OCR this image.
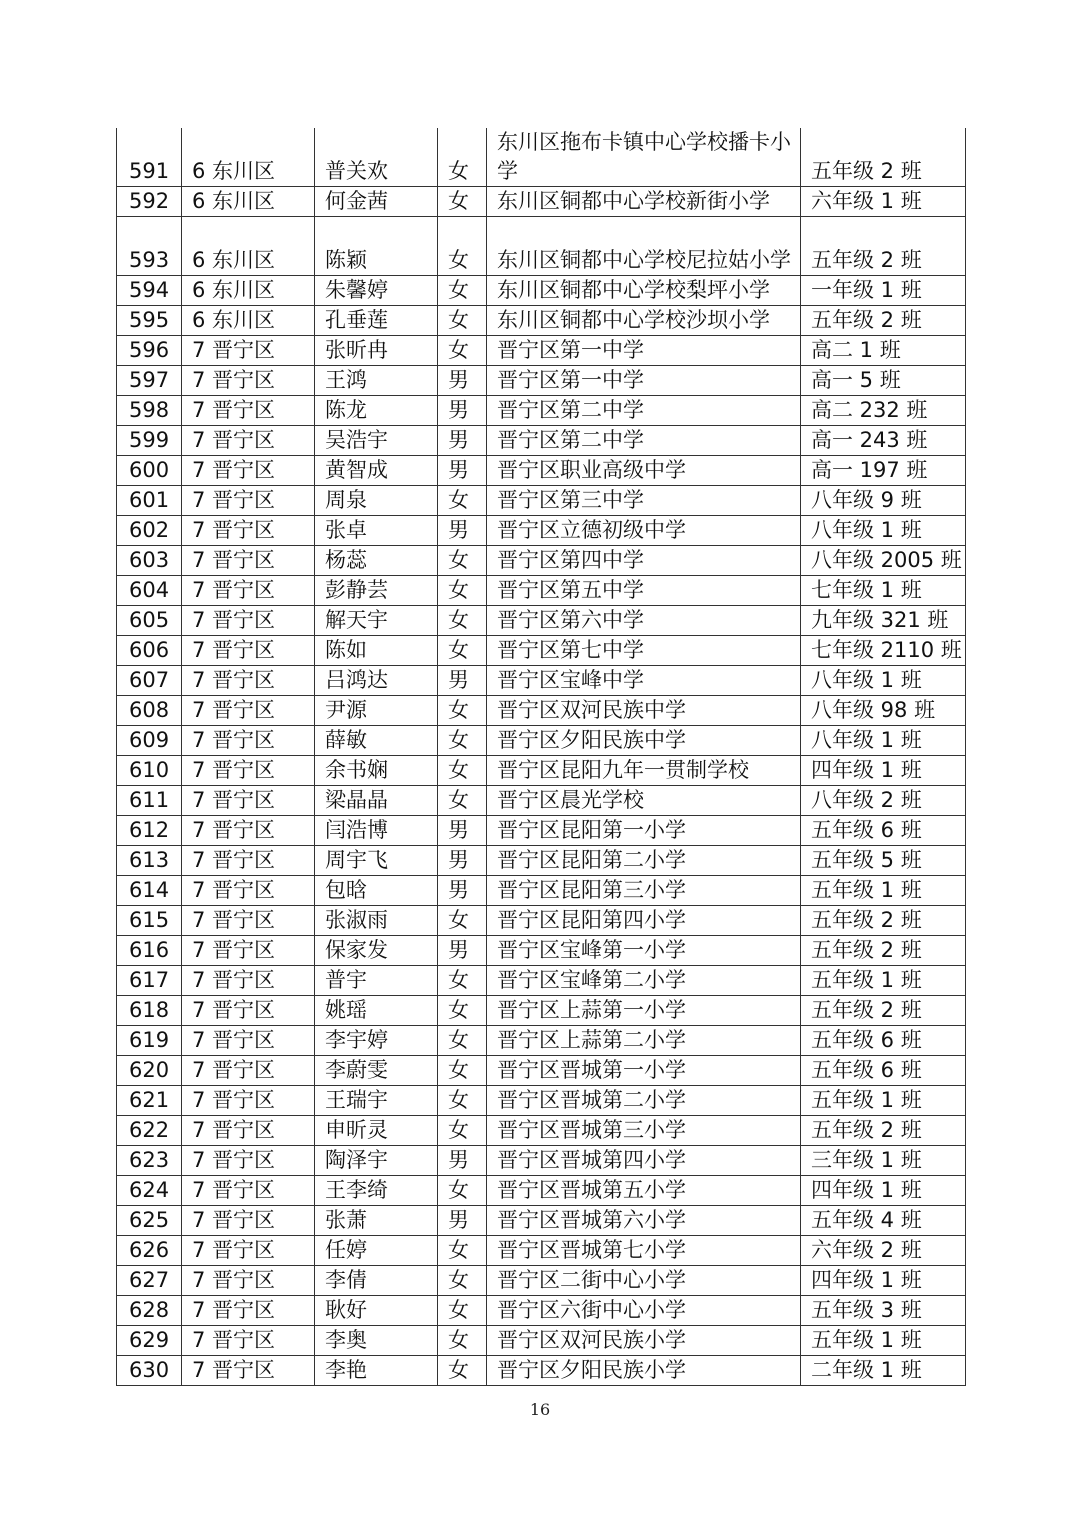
591	6 东川区	普关欢	女	东川区拖布卡镇中心学校播卡小学	五年级 2 班
592	6 东川区	何金茜	女	东川区铜都中心学校新街小学	六年级 1 班
593	6 东川区	陈颖	女	东川区铜都中心学校尼拉姑小学	五年级 2 班
594	6 东川区	朱馨婷	女	东川区铜都中心学校梨坪小学	一年级 1 班
595	6 东川区	孔垂莲	女	东川区铜都中心学校沙坝小学	五年级 2 班
596	7 晋宁区	张昕冉	女	晋宁区第一中学	高二 1 班
597	7 晋宁区	王鸿	男	晋宁区第一中学	高一 5 班
598	7 晋宁区	陈龙	男	晋宁区第二中学	高二 232 班
599	7 晋宁区	吴浩宇	男	晋宁区第二中学	高一 243 班
600	7 晋宁区	黄智成	男	晋宁区职业高级中学	高一 197 班
601	7 晋宁区	周泉	女	晋宁区第三中学	八年级 9 班
602	7 晋宁区	张卓	男	晋宁区立德初级中学	八年级 1 班
603	7 晋宁区	杨蕊	女	晋宁区第四中学	八年级 2005 班
604	7 晋宁区	彭静芸	女	晋宁区第五中学	七年级 1 班
605	7 晋宁区	解天宇	女	晋宁区第六中学	九年级 321 班
606	7 晋宁区	陈如	女	晋宁区第七中学	七年级 2110 班
607	7 晋宁区	吕鸿达	男	晋宁区宝峰中学	八年级 1 班
608	7 晋宁区	尹源	女	晋宁区双河民族中学	八年级 98 班
609	7 晋宁区	薛敏	女	晋宁区夕阳民族中学	八年级 1 班
610	7 晋宁区	余书娴	女	晋宁区昆阳九年一贯制学校	四年级 1 班
611	7 晋宁区	梁晶晶	女	晋宁区晨光学校	八年级 2 班
612	7 晋宁区	闫浩博	男	晋宁区昆阳第一小学	五年级 6 班
613	7 晋宁区	周宇飞	男	晋宁区昆阳第二小学	五年级 5 班
614	7 晋宁区	包晗	男	晋宁区昆阳第三小学	五年级 1 班
615	7 晋宁区	张淑雨	女	晋宁区昆阳第四小学	五年级 2 班
616	7 晋宁区	保家发	男	晋宁区宝峰第一小学	五年级 2 班
617	7 晋宁区	普宇	女	晋宁区宝峰第二小学	五年级 1 班
618	7 晋宁区	姚瑶	女	晋宁区上蒜第一小学	五年级 2 班
619	7 晋宁区	李宇婷	女	晋宁区上蒜第二小学	五年级 6 班
620	7 晋宁区	李蔚雯	女	晋宁区晋城第一小学	五年级 6 班
621	7 晋宁区	王瑞宇	女	晋宁区晋城第二小学	五年级 1 班
622	7 晋宁区	申昕灵	女	晋宁区晋城第三小学	五年级 2 班
623	7 晋宁区	陶泽宇	男	晋宁区晋城第四小学	三年级 1 班
624	7 晋宁区	王李绮	女	晋宁区晋城第五小学	四年级 1 班
625	7 晋宁区	张萧	男	晋宁区晋城第六小学	五年级 4 班
626	7 晋宁区	任婷	女	晋宁区晋城第七小学	六年级 2 班
627	7 晋宁区	李倩	女	晋宁区二街中心小学	四年级 1 班
628	7 晋宁区	耿好	女	晋宁区六街中心小学	五年级 3 班
629	7 晋宁区	李奥	女	晋宁区双河民族小学	五年级 1 班
630	7 晋宁区	李艳	女	晋宁区夕阳民族小学	二年级 1 班
16
